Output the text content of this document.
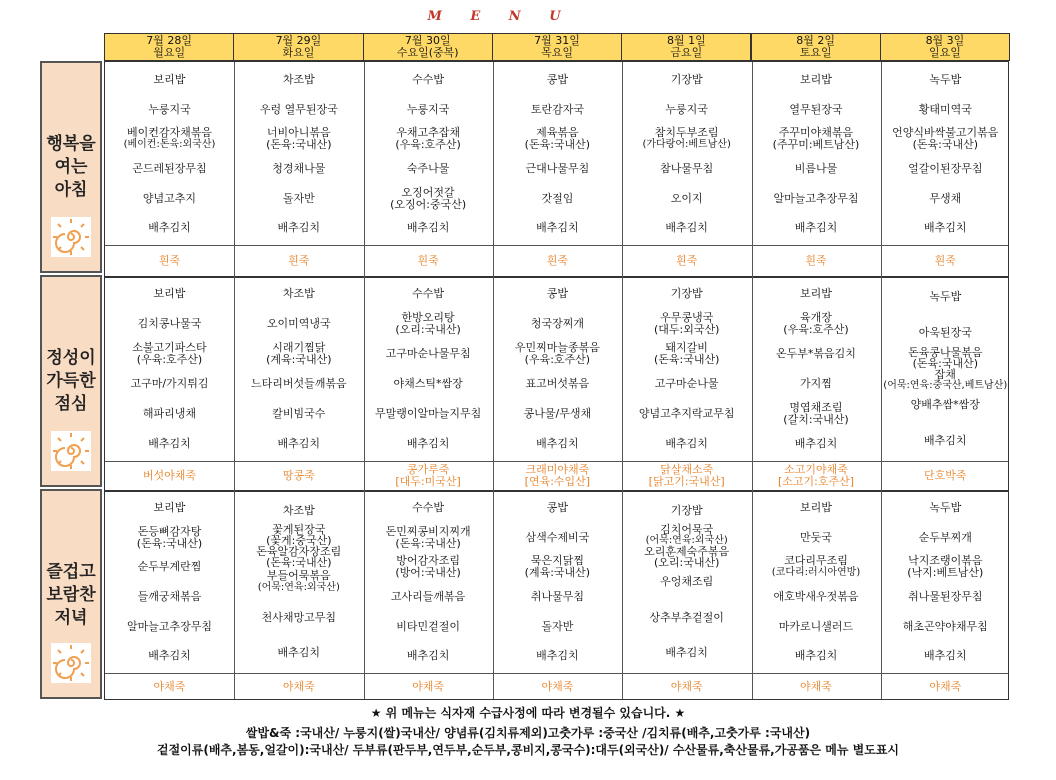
M E N U
7월 28일
월요일
7월 29일
화요일
7월 30일
수요일(중복)
7월 31일
목요일
8월 1일
금요일
8월 2일
토요일
8월 3일
일요일
행복을
여는
아침
정성이
가득한
점심
즐겁고
보람찬
저녁
보리밥
누룽지국
베이컨감자채볶음
(베이컨:돈육:외국산)
곤드레된장무침
양념고추지
배추김치
흰죽
차조밥
우렁 열무된장국
너비아니볶음
(돈육:국내산)
청경채나물
돌자반
배추김치
흰죽
수수밥
누룽지국
우채고추잡채
(우육:호주산)
숙주나물
오징어젓갈
(오징어:중국산)
배추김치
흰죽
콩밥
토란감자국
제육볶음
(돈육:국내산)
근대나물무침
갓절임
배추김치
흰죽
기장밥
누룽지국
참치두부조림
(가다랑어:베트남산)
참나물무침
오이지
배추김치
흰죽
보리밥
열무된장국
주꾸미야채볶음
(주꾸미:베트남산)
비름나물
알마늘고추장무침
배추김치
흰죽
녹두밥
황태미역국
언양식바싹불고기볶음
(돈육:국내산)
얼갈이된장무침
무생채
배추김치
흰죽
보리밥
김치콩나물국
소불고기파스타
(우육:호주산)
고구마/가지튀김
해파리냉채
배추김치
버섯야채죽
차조밥
오이미역냉국
시래기찜닭
(계육:국내산)
느타리버섯들깨볶음
칼비빔국수
배추김치
땅콩죽
수수밥
한방오리탕
(오리:국내산)
고구마순나물무침
야채스틱*쌈장
무말랭이알마늘지무침
배추김치
콩가루죽
[대두:미국산]
콩밥
청국장찌개
우민찌마늘종볶음
(우육:호주산)
표고버섯볶음
콩나물/무생채
배추김치
크래미야채죽
[연육:수입산]
기장밥
우무콩냉국
(대두:외국산)
돼지갈비
(돈육:국내산)
고구마순나물
양념고추지락교무침
배추김치
닭살채소죽
[닭고기:국내산]
보리밥
육개장
(우육:호주산)
온두부*볶음김치
가지찜
명엽채조림
(갈치:국내산)
배추김치
소고기야채죽
[소고기:호주산]
녹두밥
아욱된장국
돈육콩나물볶음
(돈육:국내산)
잡채
(어묵:연육:중국산,베트남산)
양배추쌈*쌈장
배추김치
단호박죽
보리밥
돈등뼈감자탕
(돈육:국내산)
순두부계란찜
들깨궁채볶음
알마늘고추장무침
배추김치
야채죽
차조밥
꽃게된장국
(꽃게:중국산)
돈육알감자장조림
(돈육:국내산)
부들어묵볶음
(어묵:연육:외국산)
천사채망고무침
배추김치
야채죽
수수밥
돈민찌콩비지찌개
(돈육:국내산)
방어감자조림
(방어:국내산)
고사리들깨볶음
비타민겉절이
배추김치
야채죽
콩밥
삼색수제비국
묵은지닭찜
(계육:국내산)
취나물무침
돌자반
배추김치
야채죽
기장밥
김치어묵국
(어묵:연육:외국산)
오리훈제숙주볶음
(오리:국내산)
우엉채조림
상추부추겉절이
배추김치
야채죽
보리밥
만둣국
코다리무조림
(코다리:러시아연방)
애호박새우젓볶음
마카로니샐러드
배추김치
야채죽
녹두밥
순두부찌개
낙지조랭이볶음
(낙지:베트남산)
취나물된장무침
해초곤약야채무침
배추김치
야채죽
★ 위 메뉴는 식자재 수급사정에 따라 변경될수 있습니다. ★
쌀밥&죽 :국내산/ 누룽지(쌀)국내산/ 양념류(김치류제외)고춧가루 :중국산 /김치류(배추,고춧가루 :국내산)
겉절이류(배추,봄동,얼갈이):국내산/ 두부류(판두부,연두부,순두부,콩비지,콩국수):대두(외국산)/ 수산물류,축산물류,가공품은 메뉴 별도표시
